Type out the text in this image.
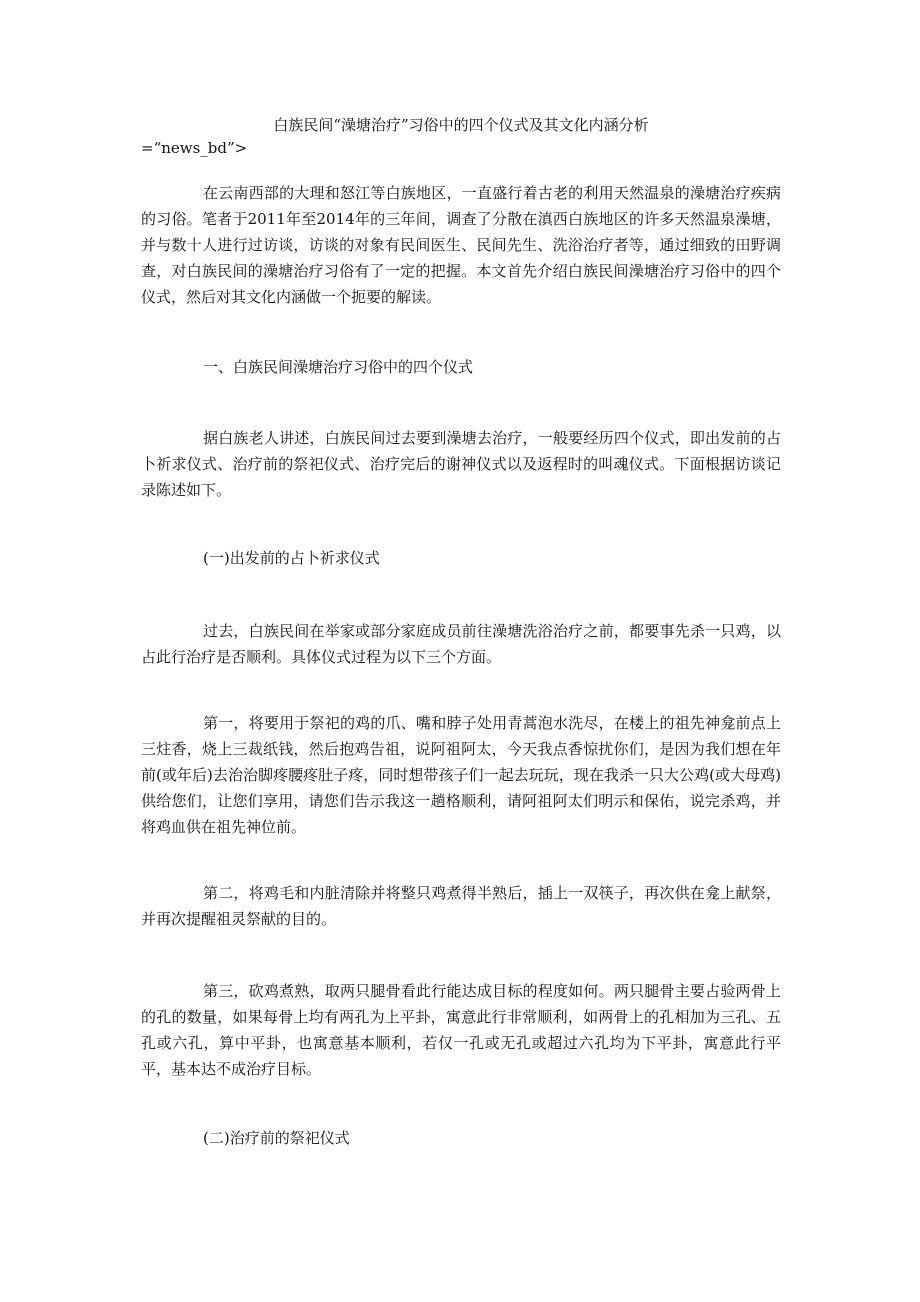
白族民间“澡塘治疗”习俗中的四个仪式及其文化内涵分析

=“news_bd”>

在云南西部的大理和怒江等白族地区，一直盛行着古老的利用天然温泉的澡塘治疗疾病的习俗。笔者于2011年至2014年的三年间，调查了分散在滇西白族地区的许多天然温泉澡塘，并与数十人进行过访谈，访谈的对象有民间医生、民间先生、洗浴治疗者等，通过细致的田野调查，对白族民间的澡塘治疗习俗有了一定的把握。本文首先介绍白族民间澡塘治疗习俗中的四个仪式，然后对其文化内涵做一个扼要的解读。

一、白族民间澡塘治疗习俗中的四个仪式

据白族老人讲述，白族民间过去要到澡塘去治疗，一般要经历四个仪式，即出发前的占卜祈求仪式、治疗前的祭祀仪式、治疗完后的谢神仪式以及返程时的叫魂仪式。下面根据访谈记录陈述如下。

(一)出发前的占卜祈求仪式

过去，白族民间在举家或部分家庭成员前往澡塘洗浴治疗之前，都要事先杀一只鸡，以占此行治疗是否顺利。具体仪式过程为以下三个方面。

第一，将要用于祭祀的鸡的爪、嘴和脖子处用青蒿泡水洗尽，在楼上的祖先神龛前点上三炷香，烧上三裁纸钱，然后抱鸡告祖，说阿祖阿太，今天我点香惊扰你们，是因为我们想在年前(或年后)去治治脚疼腰疼肚子疼，同时想带孩子们一起去玩玩，现在我杀一只大公鸡(或大母鸡)供给您们，让您们享用，请您们告示我这一趟格顺利，请阿祖阿太们明示和保佑，说完杀鸡，并将鸡血供在祖先神位前。

第二，将鸡毛和内脏清除并将整只鸡煮得半熟后，插上一双筷子，再次供在龛上献祭，并再次提醒祖灵祭献的目的。

第三，砍鸡煮熟，取两只腿骨看此行能达成目标的程度如何。两只腿骨主要占验两骨上的孔的数量，如果每骨上均有两孔为上平卦，寓意此行非常顺利，如两骨上的孔相加为三孔、五孔或六孔，算中平卦，也寓意基本顺利，若仅一孔或无孔或超过六孔均为下平卦，寓意此行平平，基本达不成治疗目标。

(二)治疗前的祭祀仪式
